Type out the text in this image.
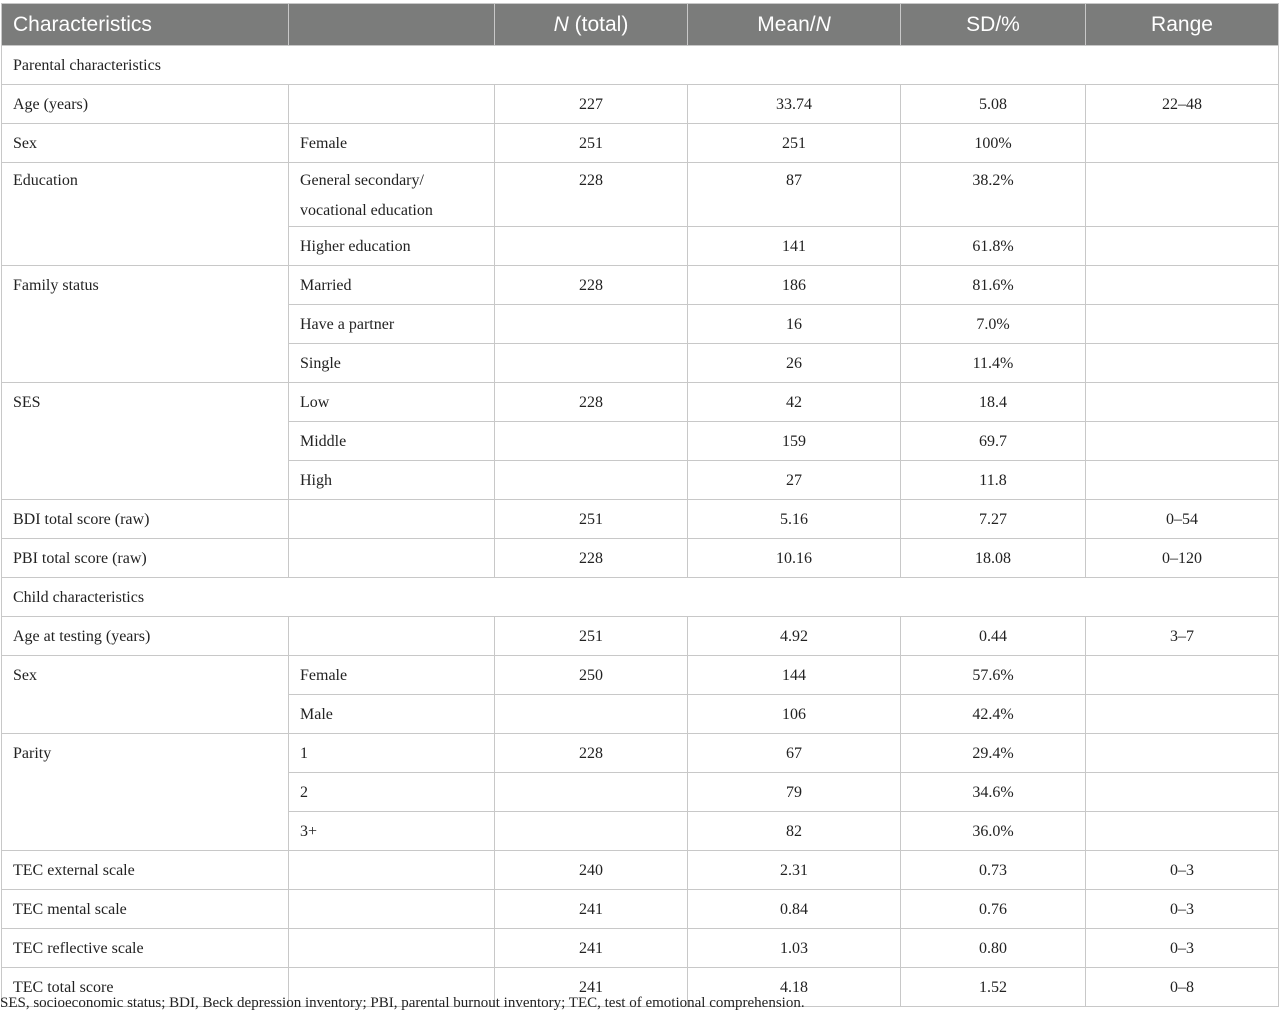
Characteristics		N (total)	Mean/N	SD/%	Range
Parental characteristics					
Age (years)		227	33.74	5.08	22–48
Sex	Female	251	251	100%	
Education	General secondary/ vocational education	228	87	38.2%	
	Higher education		141	61.8%	
Family status	Married	228	186	81.6%	
	Have a partner		16	7.0%	
	Single		26	11.4%	
SES	Low	228	42	18.4	
	Middle		159	69.7	
	High		27	11.8	
BDI total score (raw)		251	5.16	7.27	0–54
PBI total score (raw)		228	10.16	18.08	0–120
Child characteristics					
Age at testing (years)		251	4.92	0.44	3–7
Sex	Female	250	144	57.6%	
	Male		106	42.4%	
Parity	1	228	67	29.4%	
	2		79	34.6%	
	3+		82	36.0%	
TEC external scale		240	2.31	0.73	0–3
TEC mental scale		241	0.84	0.76	0–3
TEC reflective scale		241	1.03	0.80	0–3
TEC total score		241	4.18	1.52	0–8
SES, socioeconomic status; BDI, Beck depression inventory; PBI, parental burnout inventory; TEC, test of emotional comprehension.
